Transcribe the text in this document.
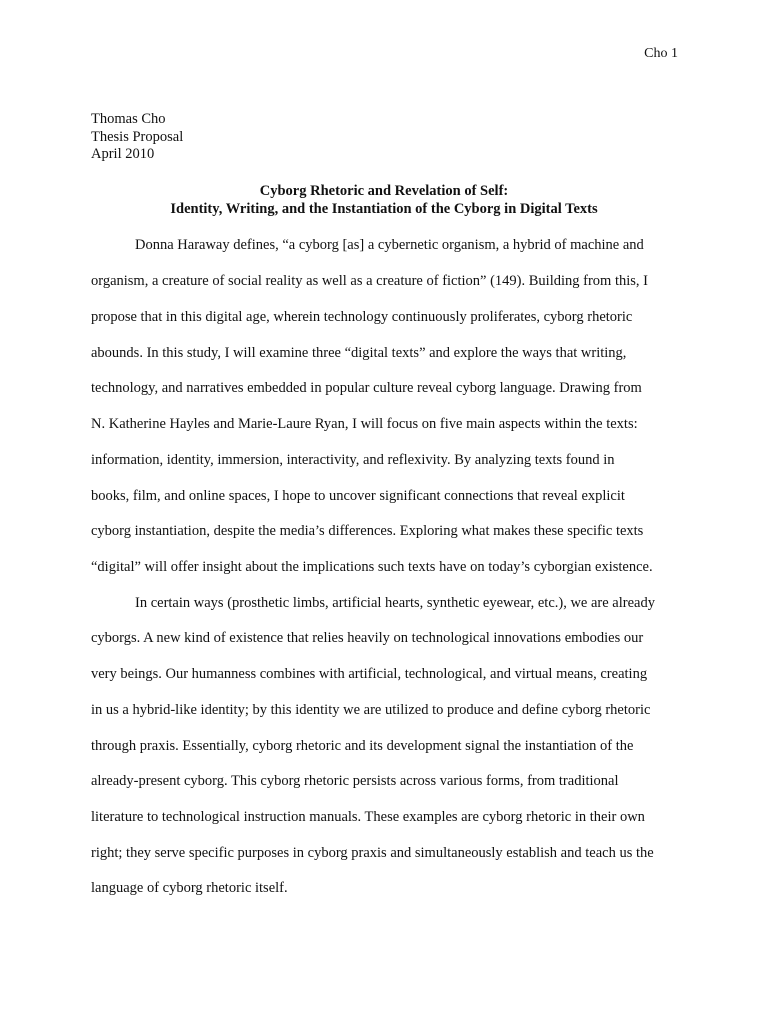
Cho 1
Thomas Cho
Thesis Proposal
April 2010
Cyborg Rhetoric and Revelation of Self:
Identity, Writing, and the Instantiation of the Cyborg in Digital Texts
Donna Haraway defines, “a cyborg [as] a cybernetic organism, a hybrid of machine and
organism, a creature of social reality as well as a creature of fiction” (149). Building from this, I
propose that in this digital age, wherein technology continuously proliferates, cyborg rhetoric
abounds. In this study, I will examine three “digital texts” and explore the ways that writing,
technology, and narratives embedded in popular culture reveal cyborg language. Drawing from
N. Katherine Hayles and Marie-Laure Ryan, I will focus on five main aspects within the texts:
information, identity, immersion, interactivity, and reflexivity. By analyzing texts found in
books, film, and online spaces, I hope to uncover significant connections that reveal explicit
cyborg instantiation, despite the media’s differences. Exploring what makes these specific texts
“digital” will offer insight about the implications such texts have on today’s cyborgian existence.
In certain ways (prosthetic limbs, artificial hearts, synthetic eyewear, etc.), we are already
cyborgs. A new kind of existence that relies heavily on technological innovations embodies our
very beings. Our humanness combines with artificial, technological, and virtual means, creating
in us a hybrid-like identity; by this identity we are utilized to produce and define cyborg rhetoric
through praxis. Essentially, cyborg rhetoric and its development signal the instantiation of the
already-present cyborg. This cyborg rhetoric persists across various forms, from traditional
literature to technological instruction manuals. These examples are cyborg rhetoric in their own
right; they serve specific purposes in cyborg praxis and simultaneously establish and teach us the
language of cyborg rhetoric itself.
